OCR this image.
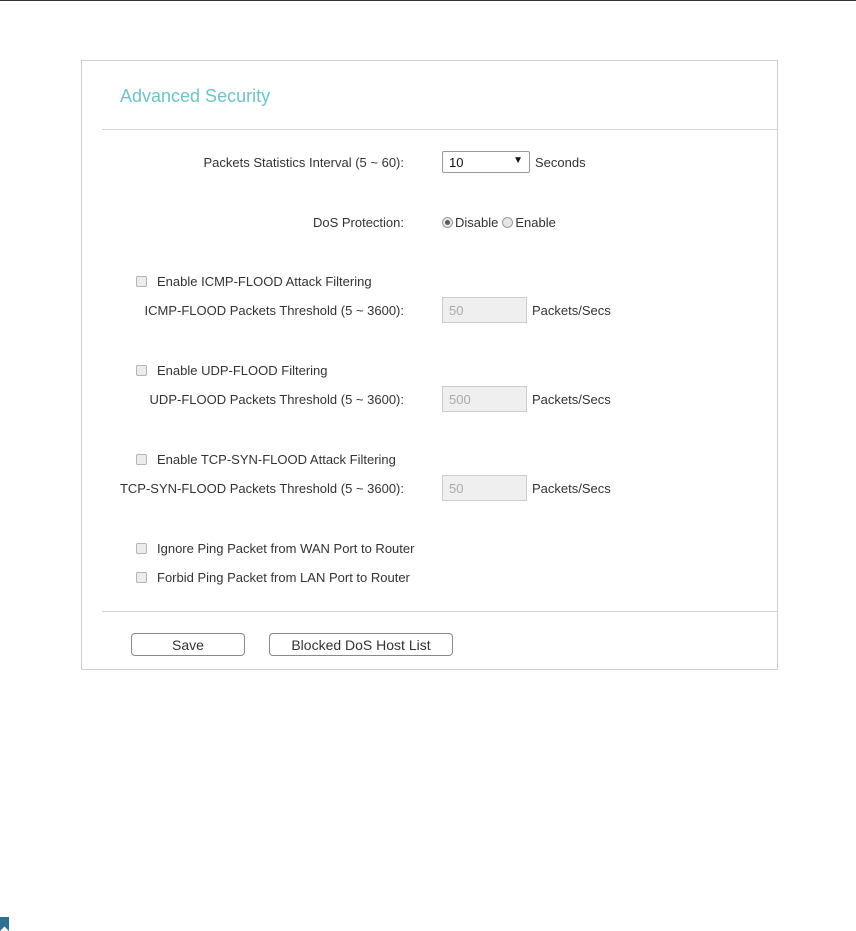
Advanced Security
Packets Statistics Interval (5 ~ 60):	10	▼ Seconds
DoS Protection:	Disable Enable
Enable ICMP-FLOOD Attack Filtering
ICMP-FLOOD Packets Threshold (5 ~ 3600):	50	Packets/Secs
Enable UDP-FLOOD Filtering
UDP-FLOOD Packets Threshold (5 ~ 3600):	500	Packets/Secs
Enable TCP-SYN-FLOOD Attack Filtering
TCP-SYN-FLOOD Packets Threshold (5 ~ 3600):	50	Packets/Secs
Ignore Ping Packet from WAN Port to Router
Forbid Ping Packet from LAN Port to Router
Save	Blocked DoS Host List
